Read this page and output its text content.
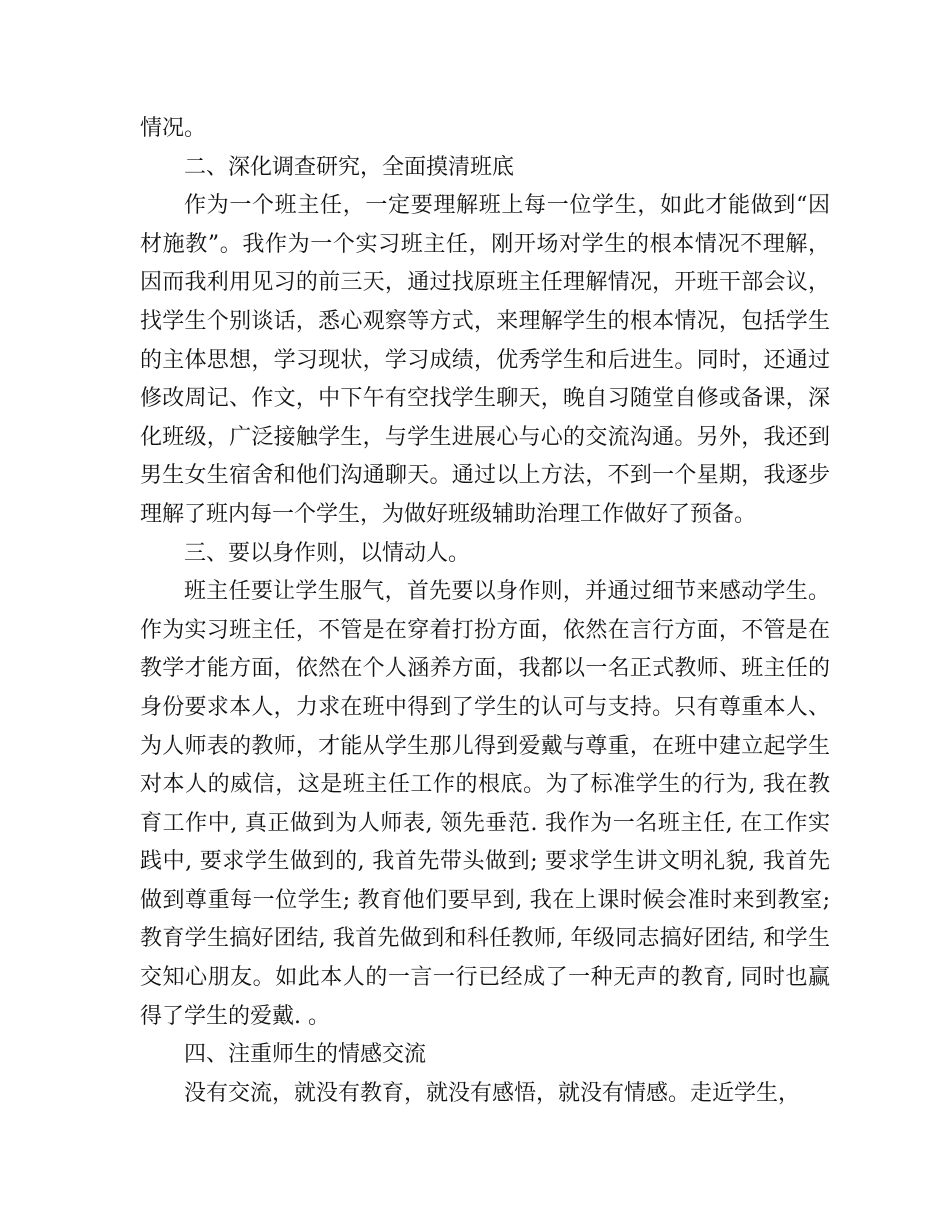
情况。

二、深化调查研究，全面摸清班底

作为一个班主任，一定要理解班上每一位学生，如此才能做到“因材施教”。我作为一个实习班主任，刚开场对学生的根本情况不理解，因而我利用见习的前三天，通过找原班主任理解情况，开班干部会议，找学生个别谈话，悉心观察等方式，来理解学生的根本情况，包括学生的主体思想，学习现状，学习成绩，优秀学生和后进生。同时，还通过修改周记、作文，中下午有空找学生聊天，晚自习随堂自修或备课，深化班级，广泛接触学生，与学生进展心与心的交流沟通。另外，我还到男生女生宿舍和他们沟通聊天。通过以上方法，不到一个星期，我逐步理解了班内每一个学生，为做好班级辅助治理工作做好了预备。

三、要以身作则，以情动人。

班主任要让学生服气，首先要以身作则，并通过细节来感动学生。作为实习班主任，不管是在穿着打扮方面，依然在言行方面，不管是在教学才能方面，依然在个人涵养方面，我都以一名正式教师、班主任的身份要求本人，力求在班中得到了学生的认可与支持。只有尊重本人、为人师表的教师，才能从学生那儿得到爱戴与尊重，在班中建立起学生对本人的威信，这是班主任工作的根底。为了标准学生的行为, 我在教育工作中, 真正做到为人师表, 领先垂范. 我作为一名班主任, 在工作实践中, 要求学生做到的, 我首先带头做到; 要求学生讲文明礼貌, 我首先做到尊重每一位学生; 教育他们要早到, 我在上课时候会准时来到教室; 教育学生搞好团结, 我首先做到和科任教师, 年级同志搞好团结, 和学生交知心朋友。如此本人的一言一行已经成了一种无声的教育, 同时也赢得了学生的爱戴. 。

四、注重师生的情感交流

没有交流，就没有教育，就没有感悟，就没有情感。走近学生，
